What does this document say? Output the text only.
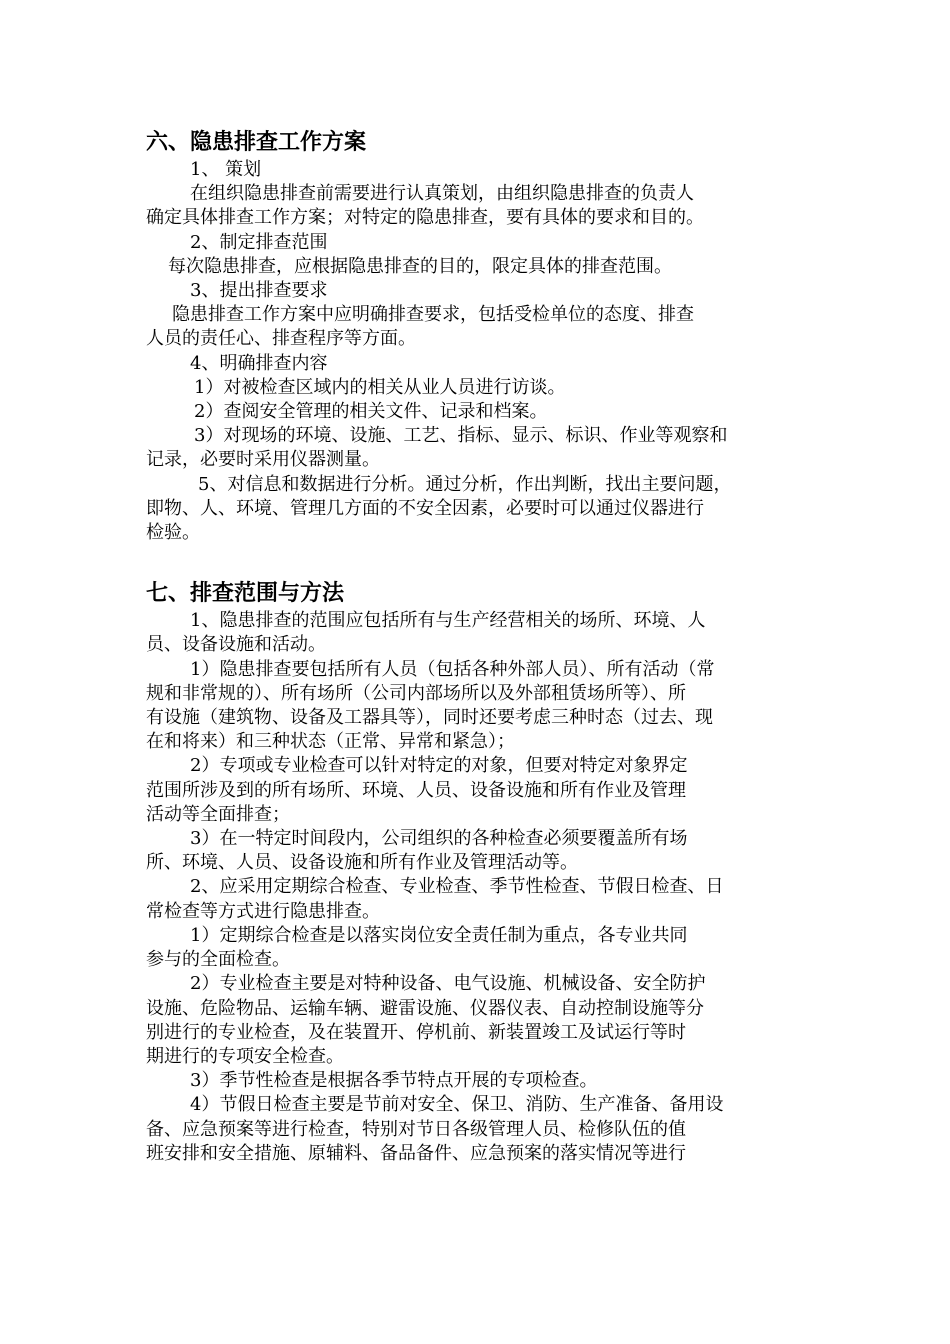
六、隐患排查工作方案
1、 策划
在组织隐患排查前需要进行认真策划，由组织隐患排查的负责人
确定具体排查工作方案；对特定的隐患排查，要有具体的要求和目的。
2、制定排查范围
每次隐患排查，应根据隐患排查的目的，限定具体的排查范围。
3、提出排查要求
隐患排查工作方案中应明确排查要求，包括受检单位的态度、排查
人员的责任心、排查程序等方面。
4、明确排查内容
1）对被检查区域内的相关从业人员进行访谈。
2）查阅安全管理的相关文件、记录和档案。
3）对现场的环境、设施、工艺、指标、显示、标识、作业等观察和
记录，必要时采用仪器测量。
5、对信息和数据进行分析。通过分析，作出判断，找出主要问题，
即物、人、环境、管理几方面的不安全因素，必要时可以通过仪器进行
检验。
七、排查范围与方法
1、隐患排查的范围应包括所有与生产经营相关的场所、环境、人
员、设备设施和活动。
1）隐患排查要包括所有人员（包括各种外部人员）、所有活动（常
规和非常规的）、所有场所（公司内部场所以及外部租赁场所等）、所
有设施（建筑物、设备及工器具等），同时还要考虑三种时态（过去、现
在和将来）和三种状态（正常、异常和紧急）；
2）专项或专业检查可以针对特定的对象，但要对特定对象界定
范围所涉及到的所有场所、环境、人员、设备设施和所有作业及管理
活动等全面排查；
3）在一特定时间段内，公司组织的各种检查必须要覆盖所有场
所、环境、人员、设备设施和所有作业及管理活动等。
2、应采用定期综合检查、专业检查、季节性检查、节假日检查、日
常检查等方式进行隐患排查。
1）定期综合检查是以落实岗位安全责任制为重点，各专业共同
参与的全面检查。
2）专业检查主要是对特种设备、电气设施、机械设备、安全防护
设施、危险物品、运输车辆、避雷设施、仪器仪表、自动控制设施等分
别进行的专业检查，及在装置开、停机前、新装置竣工及试运行等时
期进行的专项安全检查。
3）季节性检查是根据各季节特点开展的专项检查。
4）节假日检查主要是节前对安全、保卫、消防、生产准备、备用设
备、应急预案等进行检查，特别对节日各级管理人员、检修队伍的值
班安排和安全措施、原辅料、备品备件、应急预案的落实情况等进行
